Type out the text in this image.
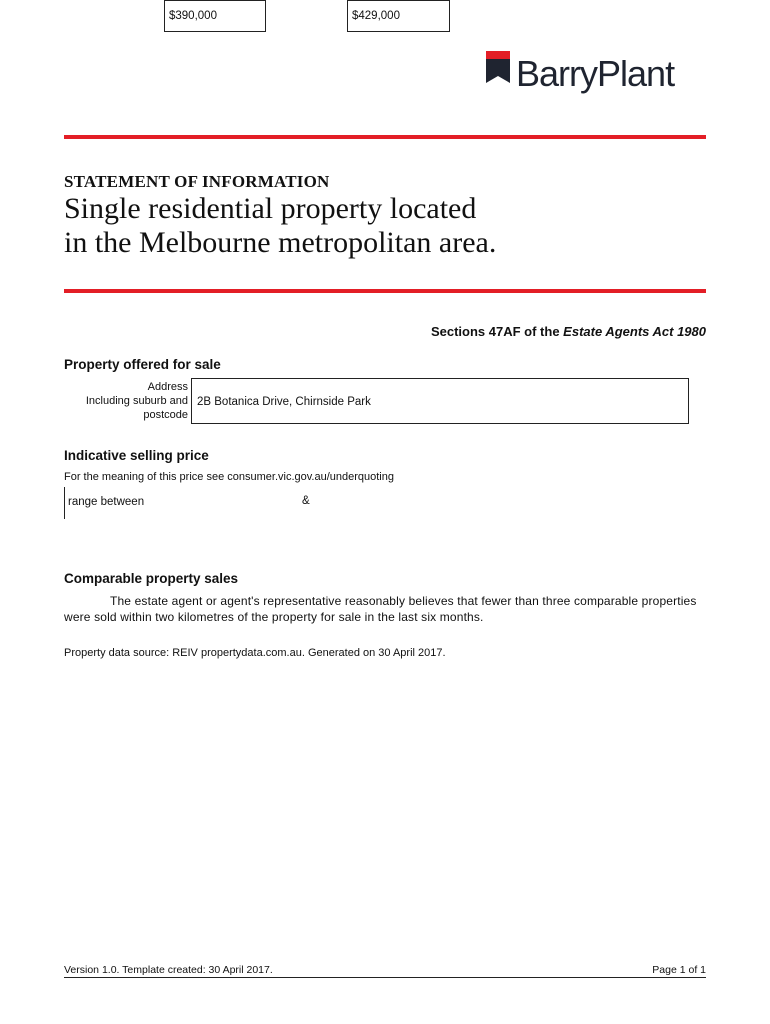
BarryPlant
STATEMENT OF INFORMATION
Single residential property located
in the Melbourne metropolitan area.
Sections 47AF of the Estate Agents Act 1980
Property offered for sale
Address
Including suburb and
postcode
2B Botanica Drive, Chirnside Park
Indicative selling price
For the meaning of this price see consumer.vic.gov.au/underquoting
range between
$390,000
&
$429,000
Comparable property sales
The estate agent or agent's representative reasonably believes that fewer than three comparable properties were sold within two kilometres of the property for sale in the last six months.
Property data source: REIV propertydata.com.au. Generated on 30 April 2017.
Version 1.0. Template created: 30 April 2017.	Page 1 of 1
